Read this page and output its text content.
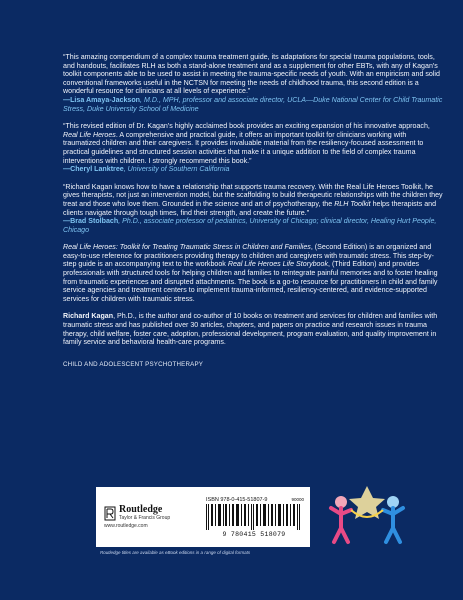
“This amazing compendium of a complex trauma treatment guide, its adaptations for special trauma populations, tools, and handouts, facilitates RLH as both a stand-alone treatment and as a supplement for other EBTs, with any of Kagan's toolkit components able to be used to assist in meeting the trauma-specific needs of youth. With an empiricism and solid conventional frameworks useful in the NCTSN for meeting the needs of childhood trauma, this second edition is a wonderful resource for clinicians at all levels of experience.”
—Lisa Amaya-Jackson, M.D., MPH, professor and associate director, UCLA—Duke National Center for Child Traumatic Stress, Duke University School of Medicine

“This revised edition of Dr. Kagan's highly acclaimed book provides an exciting expansion of his innovative approach, Real Life Heroes. A comprehensive and practical guide, it offers an important toolkit for clinicians working with traumatized children and their caregivers. It provides invaluable material from the resiliency-focused assessment to practical guidelines and structured session activities that make it a unique addition to the field of complex trauma interventions with children. I strongly recommend this book.”
—Cheryl Lanktree, University of Southern California

“Richard Kagan knows how to have a relationship that supports trauma recovery. With the Real Life Heroes Toolkit, he gives therapists, not just an intervention model, but the scaffolding to build therapeutic relationships with the children they treat and those who love them. Grounded in the science and art of psychotherapy, the RLH Toolkit helps therapists and clients navigate through tough times, find their strength, and create the future.”
—Brad Stolbach, Ph.D., associate professor of pediatrics, University of Chicago; clinical director, Healing Hurt People, Chicago

Real Life Heroes: Toolkit for Treating Traumatic Stress in Children and Families, (Second Edition) is an organized and easy-to-use reference for practitioners providing therapy to children and caregivers with traumatic stress. This step-by-step guide is an accompanying text to the workbook Real Life Heroes Life Storybook, (Third Edition) and provides professionals with structured tools for helping children and families to reintegrate painful memories and to foster healing from traumatic experiences and disrupted attachments. The book is a go-to resource for practitioners in child and family service agencies and treatment centers to implement trauma-informed, resiliency-centered, and evidence-supported services for children with traumatic stress.

Richard Kagan, Ph.D., is the author and co-author of 10 books on treatment and services for children and families with traumatic stress and has published over 30 articles, chapters, and papers on practice and research issues in trauma therapy, child welfare, foster care, adoption, professional development, program evaluation, and quality improvement in family service and behavioral health-care programs.

CHILD AND ADOLESCENT PSYCHOTHERAPY
Routledge
Taylor & Francis Group
www.routledge.com
ISBN 978-0-415-51807-9
9 780415 518079
90000
Routledge titles are available as eBook editions in a range of digital formats
